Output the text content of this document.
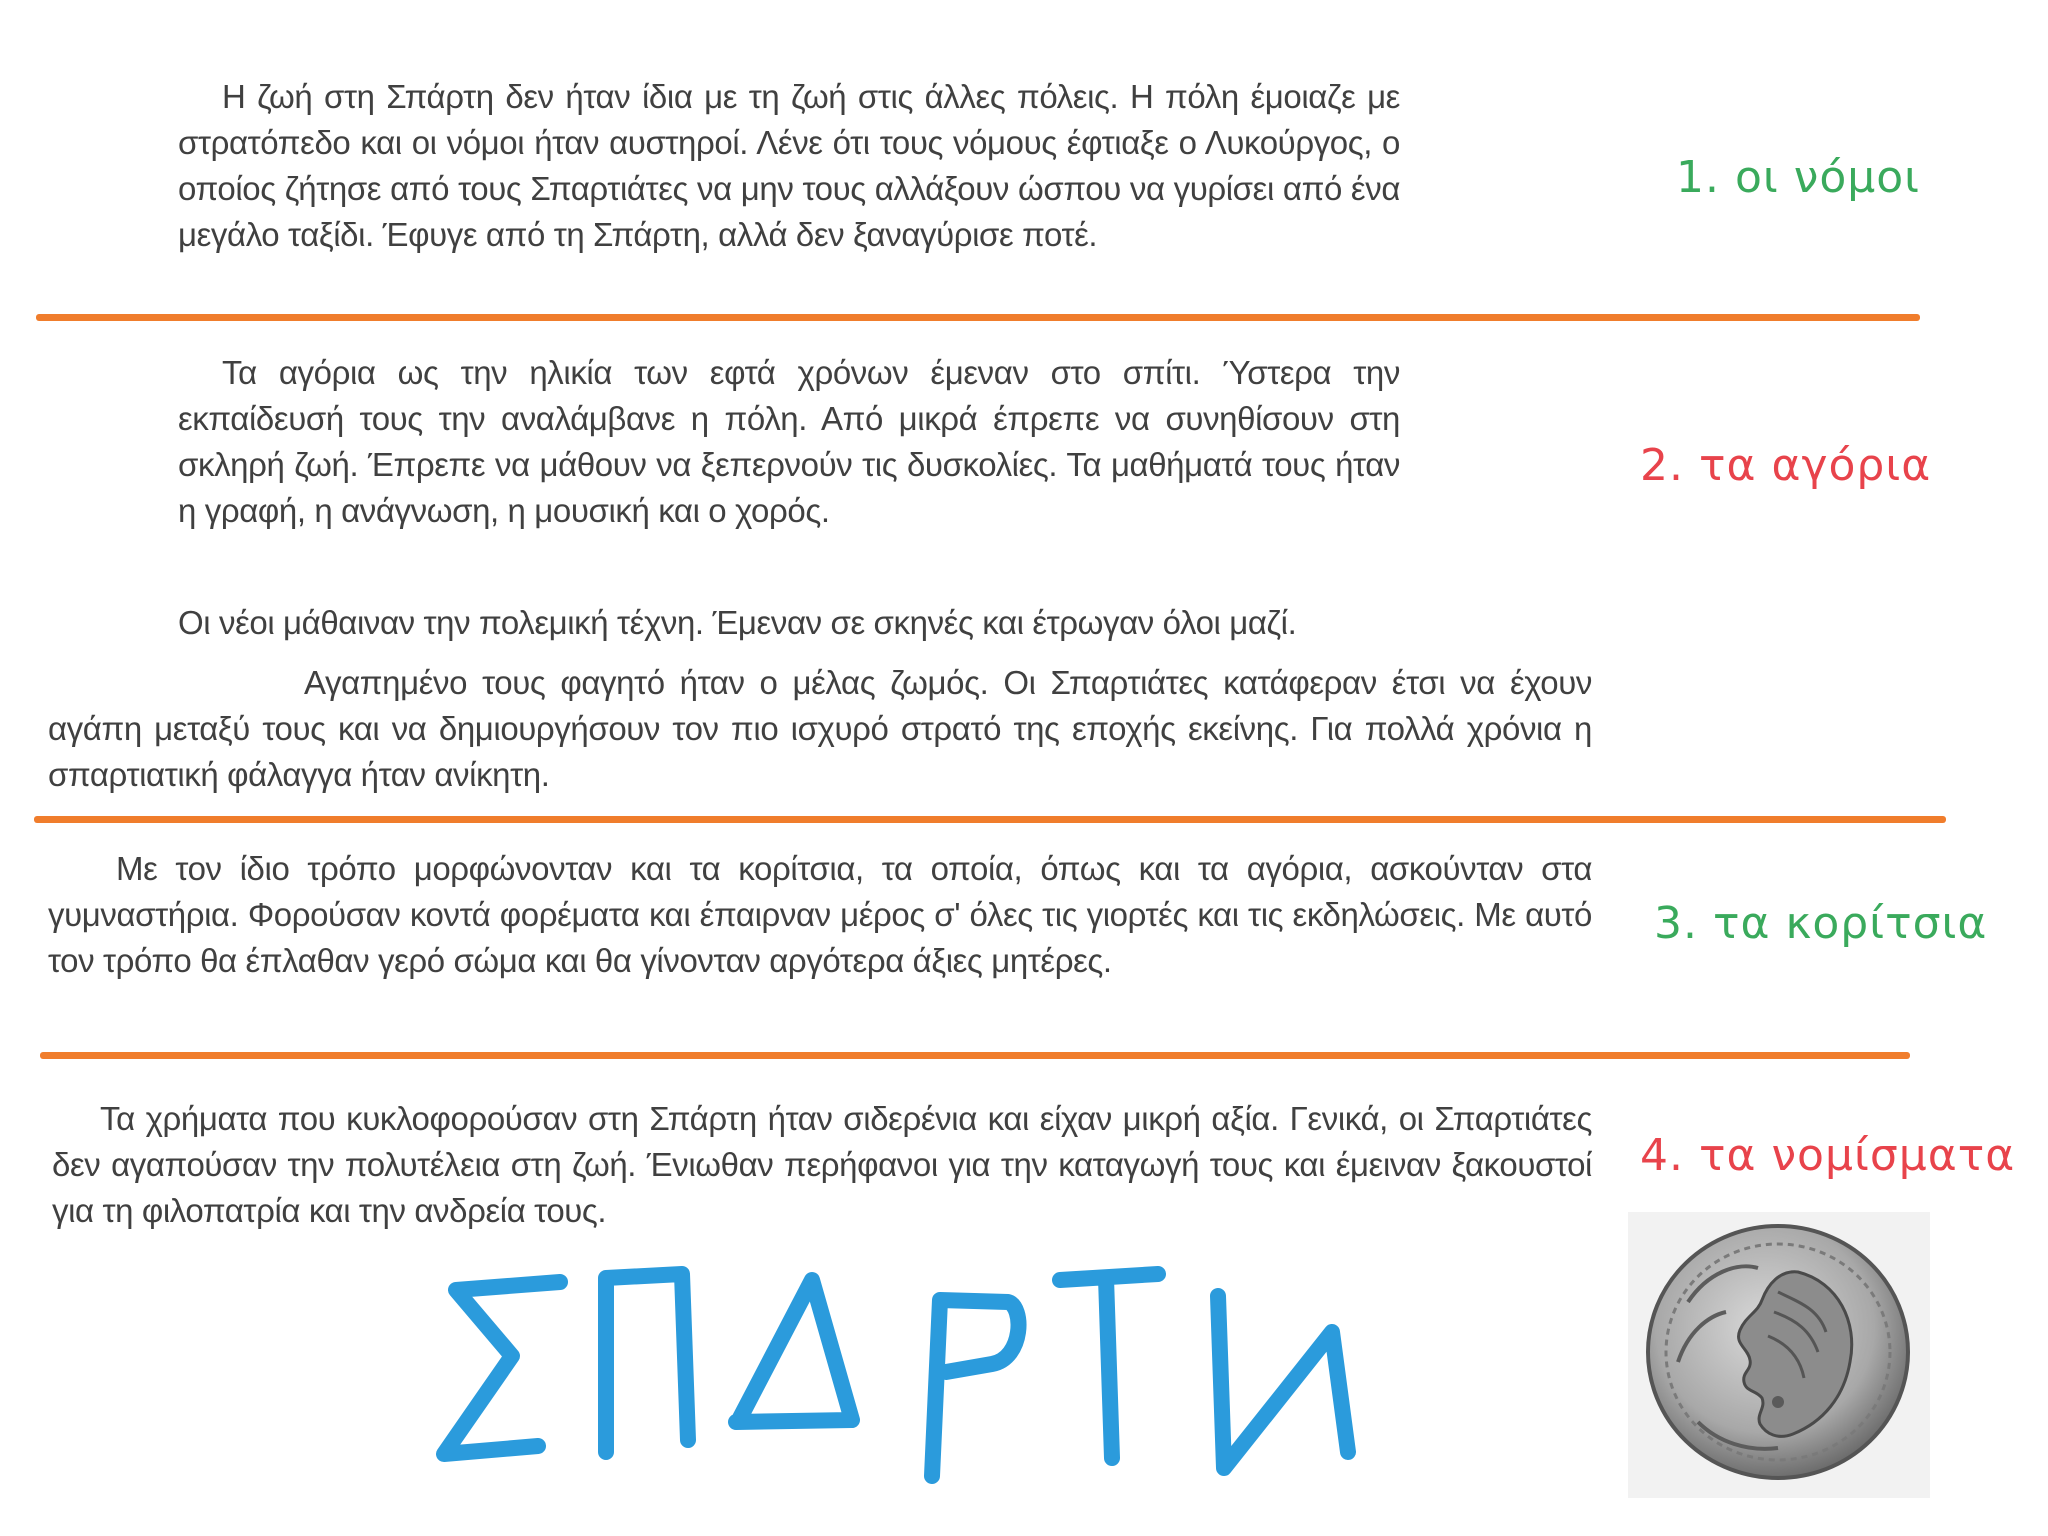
Η ζωή στη Σπάρτη δεν ήταν ίδια με τη ζωή στις άλλες πόλεις. Η πόλη έμοιαζε με στρατόπεδο και οι νόμοι ήταν αυστηροί. Λένε ότι τους νόμους έφτιαξε ο Λυκούργος, ο οποίος ζήτησε από τους Σπαρτιάτες να μην τους αλλάξουν ώσπου να γυρίσει από ένα μεγάλο ταξίδι. Έφυγε από τη Σπάρτη, αλλά δεν ξαναγύρισε ποτέ.

1. οι νόμοι

Τα αγόρια ως την ηλικία των εφτά χρόνων έμεναν στο σπίτι. Ύστερα την εκπαίδευσή τους την αναλάμβανε η πόλη. Από μικρά έπρεπε να συνηθίσουν στη σκληρή ζωή. Έπρεπε να μάθουν να ξεπερνούν τις δυσκολίες. Τα μαθήματά τους ήταν η γραφή, η ανάγνωση, η μουσική και ο χορός.

Οι νέοι μάθαιναν την πολεμική τέχνη. Έμεναν σε σκηνές και έτρωγαν όλοι μαζί.

Αγαπημένο τους φαγητό ήταν ο μέλας ζωμός. Οι Σπαρτιάτες κατάφεραν έτσι να έχουν αγάπη μεταξύ τους και να δημιουργήσουν τον πιο ισχυρό στρατό της εποχής εκείνης. Για πολλά χρόνια η σπαρτιατική φάλαγγα ήταν ανίκητη.

2. τα αγόρια

Με τον ίδιο τρόπο μορφώνονταν και τα κορίτσια, τα οποία, όπως και τα αγόρια, ασκούνταν στα γυμναστήρια. Φορούσαν κοντά φορέματα και έπαιρναν μέρος σ' όλες τις γιορτές και τις εκδηλώσεις. Με αυτό τον τρόπο θα έπλαθαν γερό σώμα και θα γίνονταν αργότερα άξιες μητέρες.

3. τα κορίτσια

Τα χρήματα που κυκλοφορούσαν στη Σπάρτη ήταν σιδερένια και είχαν μικρή αξία. Γενικά, οι Σπαρτιάτες δεν αγαπούσαν την πολυτέλεια στη ζωή. Ένιωθαν περήφανοι για την καταγωγή τους και έμειναν ξακουστοί για τη φιλοπατρία και την ανδρεία τους.

4. τα νομίσματα
